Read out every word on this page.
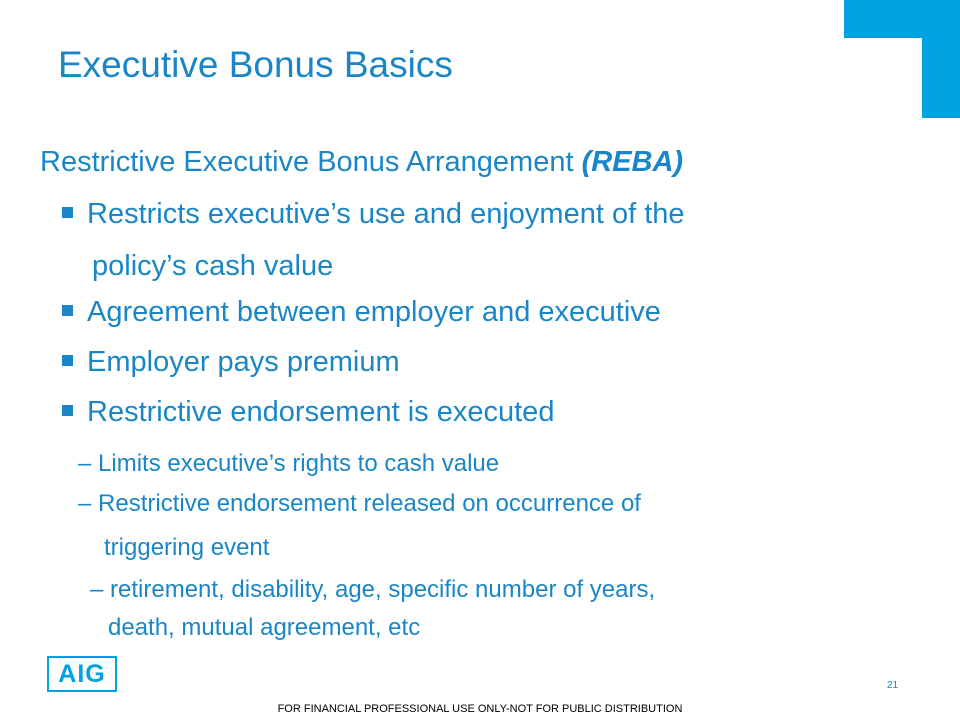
Executive Bonus Basics
Restrictive Executive Bonus Arrangement (REBA)
Restricts executive’s use and enjoyment of the
policy’s cash value
Agreement between employer and executive
Employer pays premium
Restrictive endorsement is executed
– Limits executive’s rights to cash value
– Restrictive endorsement released on occurrence of
triggering event
– retirement, disability, age, specific number of years,
death, mutual agreement, etc
AIG	21
FOR FINANCIAL PROFESSIONAL USE ONLY-NOT FOR PUBLIC DISTRIBUTION
